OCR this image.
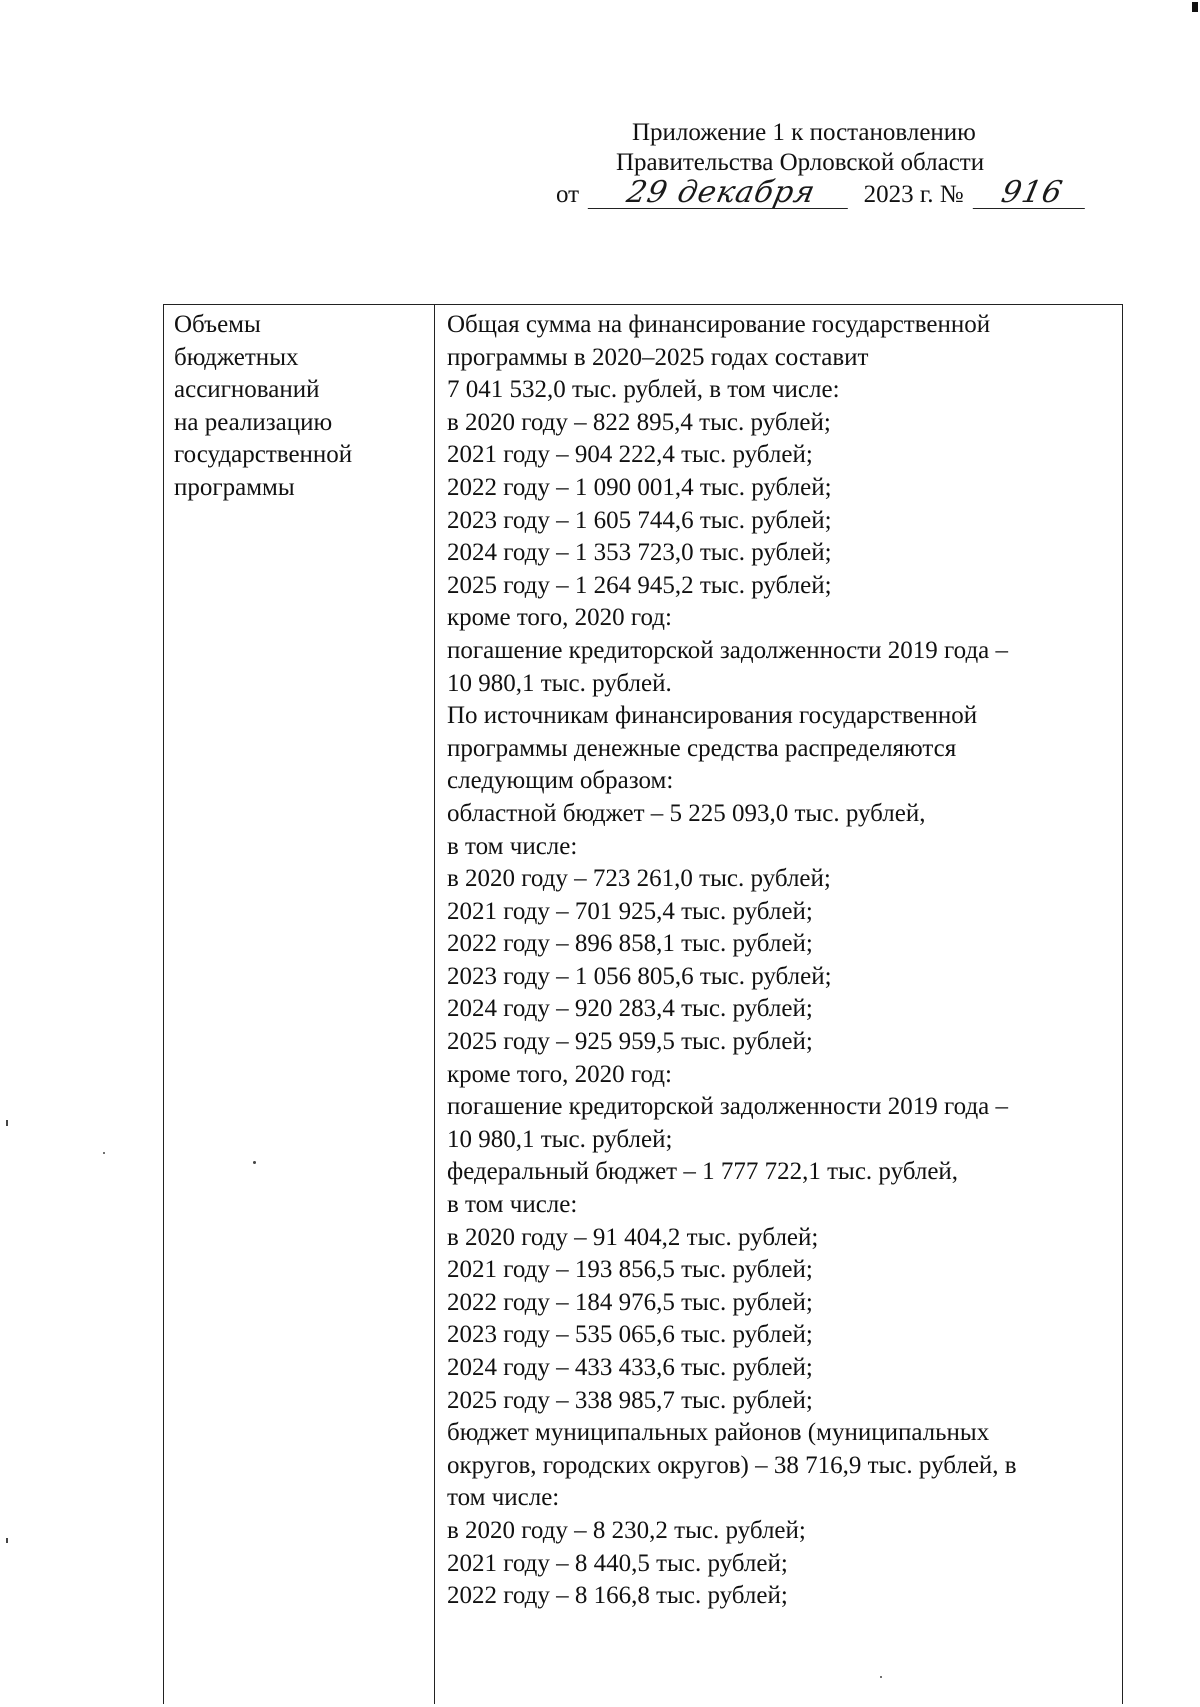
Приложение 1 к постановлению
Правительства Орловской области
от 29 декабря 2023 г. № 916
Объемы
бюджетных
ассигнований
на реализацию
государственной
программы
Общая сумма на финансирование государственной
программы в 2020–2025 годах составит
7 041 532,0 тыс. рублей, в том числе:
в 2020 году – 822 895,4 тыс. рублей;
2021 году – 904 222,4 тыс. рублей;
2022 году – 1 090 001,4 тыс. рублей;
2023 году – 1 605 744,6 тыс. рублей;
2024 году – 1 353 723,0 тыс. рублей;
2025 году – 1 264 945,2 тыс. рублей;
кроме того, 2020 год:
погашение кредиторской задолженности 2019 года –
10 980,1 тыс. рублей.
По источникам финансирования государственной
программы денежные средства распределяются
следующим образом:
областной бюджет – 5 225 093,0 тыс. рублей,
в том числе:
в 2020 году – 723 261,0 тыс. рублей;
2021 году – 701 925,4 тыс. рублей;
2022 году – 896 858,1 тыс. рублей;
2023 году – 1 056 805,6 тыс. рублей;
2024 году – 920 283,4 тыс. рублей;
2025 году – 925 959,5 тыс. рублей;
кроме того, 2020 год:
погашение кредиторской задолженности 2019 года –
10 980,1 тыс. рублей;
федеральный бюджет – 1 777 722,1 тыс. рублей,
в том числе:
в 2020 году – 91 404,2 тыс. рублей;
2021 году – 193 856,5 тыс. рублей;
2022 году – 184 976,5 тыс. рублей;
2023 году – 535 065,6 тыс. рублей;
2024 году – 433 433,6 тыс. рублей;
2025 году – 338 985,7 тыс. рублей;
бюджет муниципальных районов (муниципальных
округов, городских округов) – 38 716,9 тыс. рублей, в
том числе:
в 2020 году – 8 230,2 тыс. рублей;
2021 году – 8 440,5 тыс. рублей;
2022 году – 8 166,8 тыс. рублей;
